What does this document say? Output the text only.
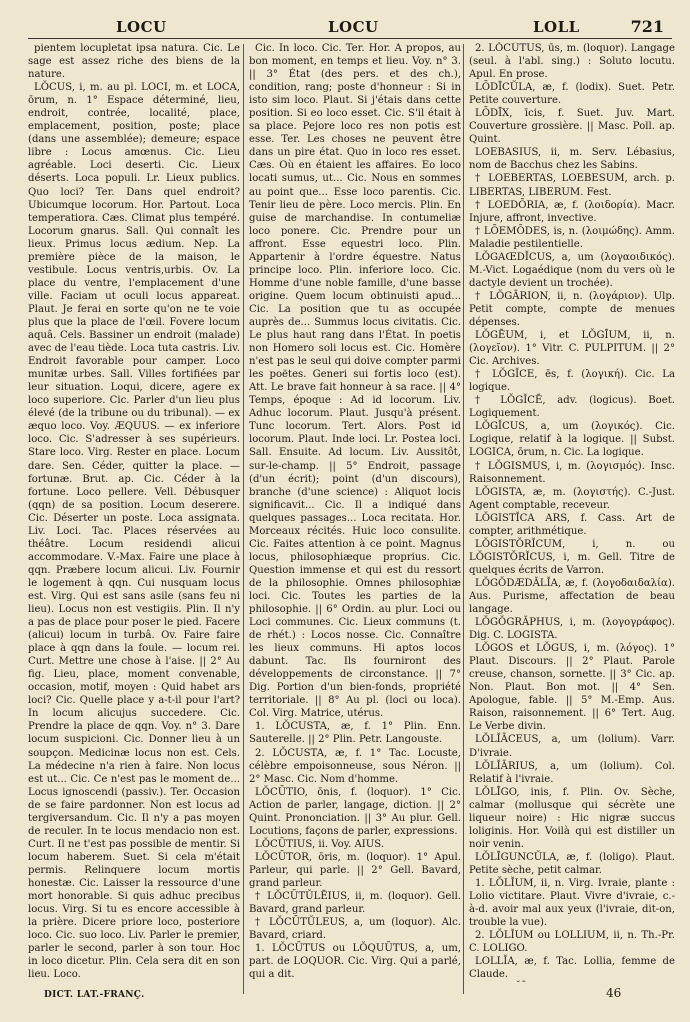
LOCU	LOCU	LOLL	721

pientem locupletat ipsa natura. Cic. Le sage est assez riche des biens de la nature.

LŎCUS, i, m. au pl. LOCI, m. et LOCA, ōrum, n. 1° Espace déterminé, lieu, endroit, contrée, localité, place, emplacement, position, poste; place (dans une assemblée); demeure; espace libre : Locus amœnus. Cic. Lieu agréable. Loci deserti. Cic. Lieux déserts. Loca populi. Lr. Lieux publics. Quo loci? Ter. Dans quel endroit? Ubicumque locorum. Hor. Partout. Loca temperatiora. Cæs. Climat plus tempéré. Locorum gnarus. Sall. Qui connaît les lieux. Primus locus ædium. Nep. La première pièce de la maison, le vestibule. Locus ventris,urbis. Ov. La place du ventre, l'emplacement d'une ville. Faciam ut oculi locus appareat. Plaut. Je ferai en sorte qu'on ne te voie plus que la place de l'œil. Fovere locum aquâ. Cels. Bassiner un endroit (malade) avec de l'eau tiède. Loca tuta castris. Liv. Endroit favorable pour camper. Loco munitæ urbes. Sall. Villes fortifiées par leur situation. Loqui, dicere, agere ex loco superiore. Cic. Parler d'un lieu plus élevé (de la tribune ou du tribunal). — ex æquo loco. Voy. ÆQUUS. — ex inferiore loco. Cic. S'adresser à ses supérieurs. Stare loco. Virg. Rester en place. Locum dare. Sen. Céder, quitter la place. — fortunæ. Brut. ap. Cic. Céder à la fortune. Loco pellere. Vell. Débusquer (qqn) de sa position. Locum deserere. Cic. Déserter un poste. Loca assignata. Liv. Loci. Tac. Places réservées au théâtre. Locum residendi alicui accommodare. V.-Max. Faire une place à qqn. Præbere locum alicui. Liv. Fournir le logement à qqn. Cui nusquam locus est. Virg. Qui est sans asile (sans feu ni lieu). Locus non est vestigiis. Plin. Il n'y a pas de place pour poser le pied. Facere (alicui) locum in turbâ. Ov. Faire faire place à qqn dans la foule. — locum rei. Curt. Mettre une chose à l'aise. || 2° Au fig. Lieu, place, moment convenable, occasion, motif, moyen : Quid habet ars loci? Cic. Quelle place y a-t-il pour l'art? In locum alicujus succedere. Cic. Prendre la place de qqn. Voy. n° 3. Dare locum suspicioni. Cic. Donner lieu à un soupçon. Medicinæ locus non est. Cels. La médecine n'a rien à faire. Non locus est ut... Cic. Ce n'est pas le moment de... Locus ignoscendi (passiv.). Ter. Occasion de se faire pardonner. Non est locus ad tergiversandum. Cic. Il n'y a pas moyen de reculer. In te locus mendacio non est. Curt. Il ne t'est pas possible de mentir. Si locum haberem. Suet. Si cela m'était permis. Relinquere locum mortis honestæ. Cic. Laisser la ressource d'une mort honorable. Si quis adhuc precibus locus. Virg. Si tu es encore accessible à la prière. Dicere priore loco, posteriore loco. Cic. suo loco. Liv. Parler le premier, parler le second, parler à son tour. Hoc in loco dicetur. Plin. Cela sera dit en son lieu. Loco.

Cic. In loco. Cic. Ter. Hor. A propos, au bon moment, en temps et lieu. Voy. n° 3. || 3° État (des pers. et des ch.), condition, rang; poste d'honneur : Si in isto sim loco. Plaut. Si j'étais dans cette position. Si eo loco esset. Cic. S'il était à sa place. Pejore loco res non potis est esse. Ter. Les choses ne peuvent être dans un pire état. Quo in loco res esset. Cæs. Où en étaient les affaires. Eo loco locati sumus, ut... Cic. Nous en sommes au point que... Esse loco parentis. Cic. Tenir lieu de père. Loco mercis. Plin. En guise de marchandise. In contumeliæ loco ponere. Cic. Prendre pour un affront. Esse equestri loco. Plin. Appartenir à l'ordre équestre. Natus principe loco. Plin. inferiore loco. Cic. Homme d'une noble famille, d'une basse origine. Quem locum obtinuisti apud... Cic. La position que tu as occupée auprès de... Summus locus civitatis. Cic. Le plus haut rang dans l'État. In poetis non Homero soli locus est. Cic. Homère n'est pas le seul qui doive compter parmi les poëtes. Generi sui fortis loco (est). Att. Le brave fait honneur à sa race. || 4° Temps, époque : Ad id locorum. Liv. Adhuc locorum. Plaut. Jusqu'à présent. Tunc locorum. Tert. Alors. Post id locorum. Plaut. Inde loci. Lr. Postea loci. Sall. Ensuite. Ad locum. Liv. Aussitôt, sur-le-champ. || 5° Endroit, passage (d'un écrit); point (d'un discours), branche (d'une science) : Aliquot locis significavit... Cic. Il a indiqué dans quelques passages... Loca recitata. Hor. Morceaux récités. Huic loco consulite. Cic. Faites attention à ce point. Magnus locus, philosophiæque proprius. Cic. Question immense et qui est du ressort de la philosophie. Omnes philosophiæ loci. Cic. Toutes les parties de la philosophie. || 6° Ordin. au plur. Loci ou Loci communes. Cic. Lieux communs (t. de rhét.) : Locos nosse. Cic. Connaître les lieux communs. Hi aptos locos dabunt. Tac. Ils fourniront des développements de circonstance. || 7° Dig. Portion d'un bien-fonds, propriété territoriale. || 8° Au pl. (loci ou loca). Col. Virg. Matrice, utérus.

1. LŎCUSTA, æ, f. 1° Plin. Enn. Sauterelle. || 2° Plin. Petr. Langouste.

2. LŎCUSTA, æ, f. 1° Tac. Locuste, célèbre empoisonneuse, sous Néron. || 2° Masc. Cic. Nom d'homme.

LŎCŪTIO, ōnis, f. (loquor). 1° Cic. Action de parler, langage, diction. || 2° Quint. Prononciation. || 3° Au plur. Gell. Locutions, façons de parler, expressions.

LŎCŪTIUS, ii. Voy. AIUS.

LŎCŪTOR, ōris, m. (loquor). 1° Apul. Parleur, qui parle. || 2° Gell. Bavard, grand parleur.

† LŎCŪTŬLĒIUS, ii, m. (loquor). Gell. Bavard, grand parleur.

† LŎCŪTŬLEUS, a, um (loquor). Alc. Bavard, criard.

1. LŎCŪTUS ou LŎQUŪTUS, a, um, part. de LOQUOR. Cic. Virg. Qui a parlé, qui a dit.

2. LŎCŪTUS, ūs, m. (loquor). Langage (seul. à l'abl. sing.) : Soluto locutu. Apul. En prose.

LŌDĪCŬLA, æ, f. (lodix). Suet. Petr. Petite couverture.

LŌDĪX, īcis, f. Suet. Juv. Mart. Couverture grossière. || Masc. Poll. ap. Quint.

LOEBASIUS, ii, m. Serv. Lébasius, nom de Bacchus chez les Sabins.

† LOEBERTAS, LOEBESUM, arch. p. LIBERTAS, LIBERUM. Fest.

† LOEDŌRIA, æ, f. (λοιδορία). Macr. Injure, affront, invective.

† LŌEMŌDES, is, n. (λοιμώδης). Amm. Maladie pestilentielle.

LŎGAŒDĬCUS, a, um (λογαοιδικός). M.-Vict. Logaédique (nom du vers où le dactyle devient un trochée).

† LŎGĀRION, ii, n. (λογάριον). Ulp. Petit compte, compte de menues dépenses.

LŎGĒUM, i, et LŎGĪUM, ii, n. (λογεῖον). 1° Vitr. C. PULPITUM. || 2° Cic. Archives.

† LŎGĬCE, ēs, f. (λογική). Cic. La logique.

† LŎGĬCĒ, adv. (logicus). Boet. Logiquement.

LŎGĬCUS, a, um (λογικός). Cic. Logique, relatif à la logique. || Subst. LOGICA, ōrum, n. Cic. La logique.

† LŎGISMUS, i, m. (λογισμός). Insc. Raisonnement.

LŎGISTA, æ, m. (λογιστής). C.-Just. Agent comptable, receveur.

LŎGISTĬCA ARS, f. Cass. Art de compter, arithmétique.

LŎGISTŎRĬCUM, i, n. ou LŎGISTŎRĬCUS, i, m. Gell. Titre de quelques écrits de Varron.

LŎGŎDÆDĂLĬA, æ, f. (λογοδαιδαλία). Aus. Purisme, affectation de beau langage.

LŎGŎGRĂPHUS, i, m. (λογογράφος). Dig. C. LOGISTA.

LŎGOS et LŎGUS, i, m. (λόγος). 1° Plaut. Discours. || 2° Plaut. Parole creuse, chanson, sornette. || 3° Cic. ap. Non. Plaut. Bon mot. || 4° Sen. Apologue, fable. || 5° M.-Emp. Aus. Raison, raisonnement. || 6° Tert. Aug. Le Verbe divin.

LŎLĬĀCEUS, a, um (lolium). Varr. D'ivraie.

LŎLĬĀRIUS, a, um (lolium). Col. Relatif à l'ivraie.

LŎLĪGO, inis, f. Plin. Ov. Sèche, calmar (mollusque qui sécrète une liqueur noire) : Hic nigræ succus loliginis. Hor. Voilà qui est distiller un noir venin.

LŎLĪGUNCŬLA, æ, f. (loligo). Plaut. Petite sèche, petit calmar.

1. LŎLĬUM, ii, n. Virg. Ivraie, plante : Lolio victitare. Plaut. Vivre d'ivraie, c.-à-d. avoir mal aux yeux (l'ivraie, dit-on, trouble la vue).

2. LŎLĬUM ou LOLLIUM, ii, n. Th.-Pr. C. LOLIGO.

LOLLĬA, æ, f. Tac. Lollia, femme de Claude.

DICT. LAT.-FRANÇ.	46
